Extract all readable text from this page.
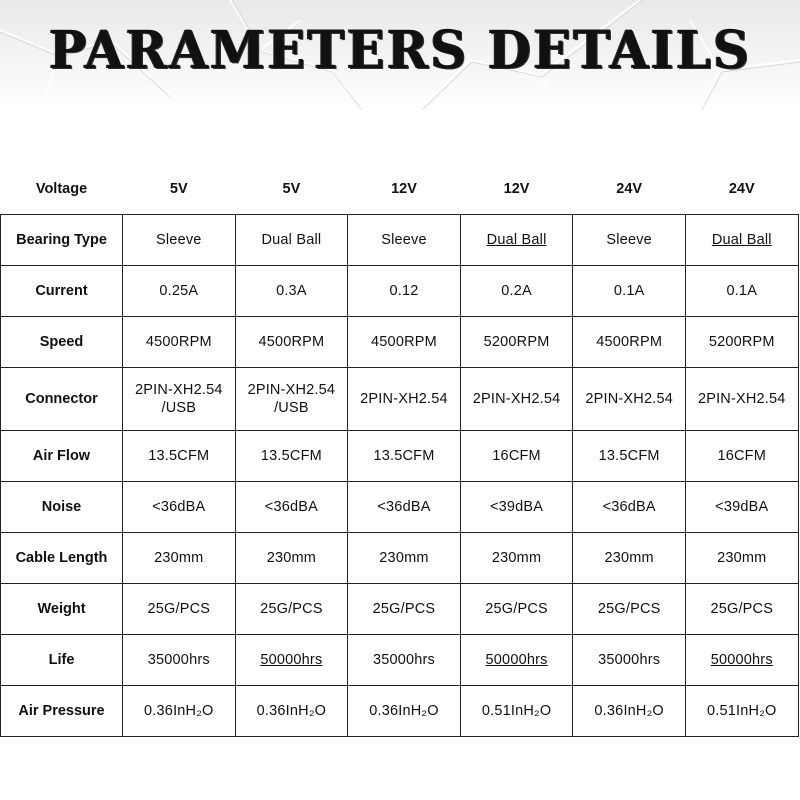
PARAMETERS DETAILS
Voltage	5V	5V	12V	12V	24V	24V
Bearing Type	Sleeve	Dual Ball	Sleeve	Dual Ball	Sleeve	Dual Ball
Current	0.25A	0.3A	0.12	0.2A	0.1A	0.1A
Speed	4500RPM	4500RPM	4500RPM	5200RPM	4500RPM	5200RPM
Connector	2PIN-XH2.54 /USB	2PIN-XH2.54 /USB	2PIN-XH2.54	2PIN-XH2.54	2PIN-XH2.54	2PIN-XH2.54
Air Flow	13.5CFM	13.5CFM	13.5CFM	16CFM	13.5CFM	16CFM
Noise	<36dBA	<36dBA	<36dBA	<39dBA	<36dBA	<39dBA
Cable Length	230mm	230mm	230mm	230mm	230mm	230mm
Weight	25G/PCS	25G/PCS	25G/PCS	25G/PCS	25G/PCS	25G/PCS
Life	35000hrs	50000hrs	35000hrs	50000hrs	35000hrs	50000hrs
Air Pressure	0.36InH₂O	0.36InH₂O	0.36InH₂O	0.51InH₂O	0.36InH₂O	0.51InH₂O
